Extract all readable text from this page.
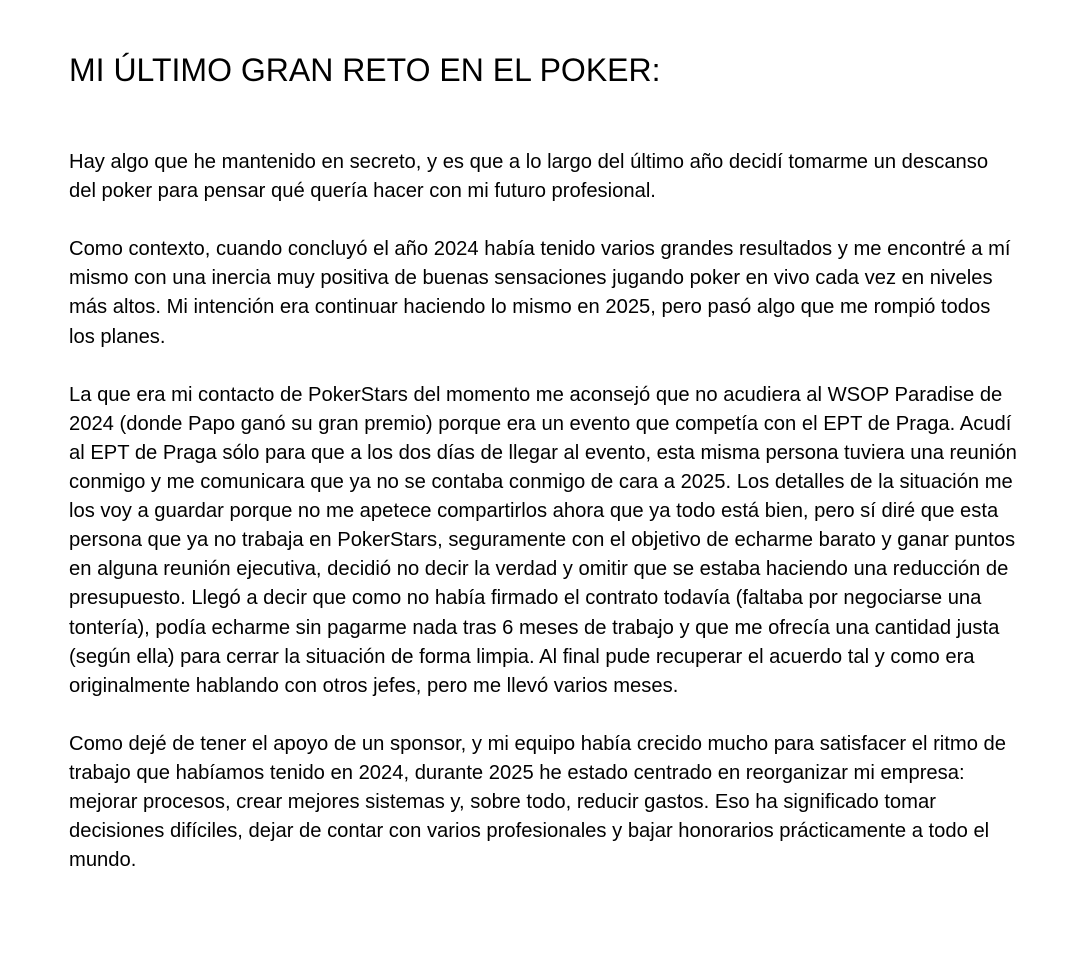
MI ÚLTIMO GRAN RETO EN EL POKER:

Hay algo que he mantenido en secreto, y es que a lo largo del último año decidí tomarme un descanso del poker para pensar qué quería hacer con mi futuro profesional.

Como contexto, cuando concluyó el año 2024 había tenido varios grandes resultados y me encontré a mí mismo con una inercia muy positiva de buenas sensaciones jugando poker en vivo cada vez en niveles más altos. Mi intención era continuar haciendo lo mismo en 2025, pero pasó algo que me rompió todos los planes.

La que era mi contacto de PokerStars del momento me aconsejó que no acudiera al WSOP Paradise de 2024 (donde Papo ganó su gran premio) porque era un evento que competía con el EPT de Praga. Acudí al EPT de Praga sólo para que a los dos días de llegar al evento, esta misma persona tuviera una reunión conmigo y me comunicara que ya no se contaba conmigo de cara a 2025. Los detalles de la situación me los voy a guardar porque no me apetece compartirlos ahora que ya todo está bien, pero sí diré que esta persona que ya no trabaja en PokerStars, seguramente con el objetivo de echarme barato y ganar puntos en alguna reunión ejecutiva, decidió no decir la verdad y omitir que se estaba haciendo una reducción de presupuesto. Llegó a decir que como no había firmado el contrato todavía (faltaba por negociarse una tontería), podía echarme sin pagarme nada tras 6 meses de trabajo y que me ofrecía una cantidad justa (según ella) para cerrar la situación de forma limpia. Al final pude recuperar el acuerdo tal y como era originalmente hablando con otros jefes, pero me llevó varios meses.

Como dejé de tener el apoyo de un sponsor, y mi equipo había crecido mucho para satisfacer el ritmo de trabajo que habíamos tenido en 2024, durante 2025 he estado centrado en reorganizar mi empresa: mejorar procesos, crear mejores sistemas y, sobre todo, reducir gastos. Eso ha significado tomar decisiones difíciles, dejar de contar con varios profesionales y bajar honorarios prácticamente a todo el mundo.
